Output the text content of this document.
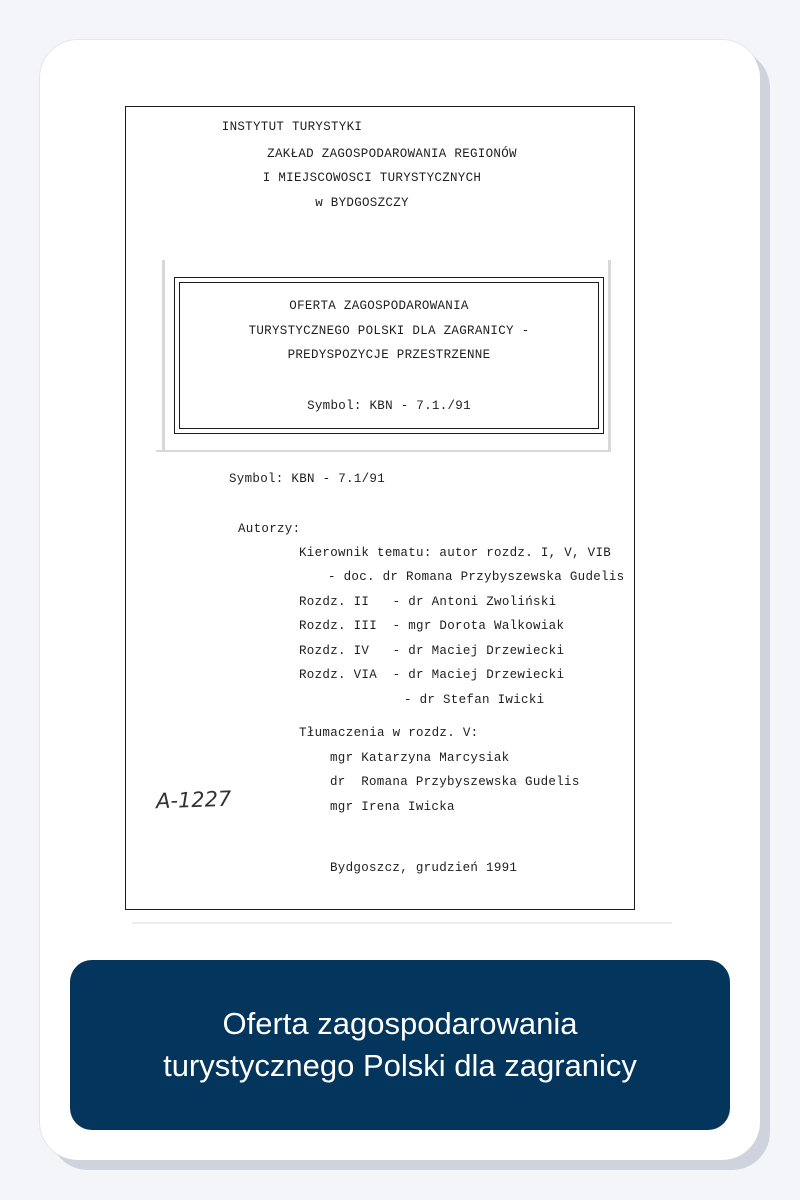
INSTYTUT TURYSTYKI
ZAKŁAD ZAGOSPODAROWANIA REGIONÓW
I MIEJSCOWOSCI TURYSTYCZNYCH
w BYDGOSZCZY
OFERTA ZAGOSPODAROWANIA
TURYSTYCZNEGO POLSKI DLA ZAGRANICY -
PREDYSPOZYCJE PRZESTRZENNE
Symbol: KBN - 7.1./91
Symbol: KBN - 7.1/91
Autorzy:
Kierownik tematu: autor rozdz. I, V, VIB
- doc. dr Romana Przybyszewska Gudelis
Rozdz. II   - dr Antoni Zwoliński
Rozdz. III  - mgr Dorota Walkowiak
Rozdz. IV   - dr Maciej Drzewiecki
Rozdz. VIA  - dr Maciej Drzewiecki
- dr Stefan Iwicki
Tłumaczenia w rozdz. V:
mgr Katarzyna Marcysiak
dr  Romana Przybyszewska Gudelis
mgr Irena Iwicka
A-1227
Bydgoszcz, grudzień 1991
Oferta zagospodarowania
turystycznego Polski dla zagranicy
